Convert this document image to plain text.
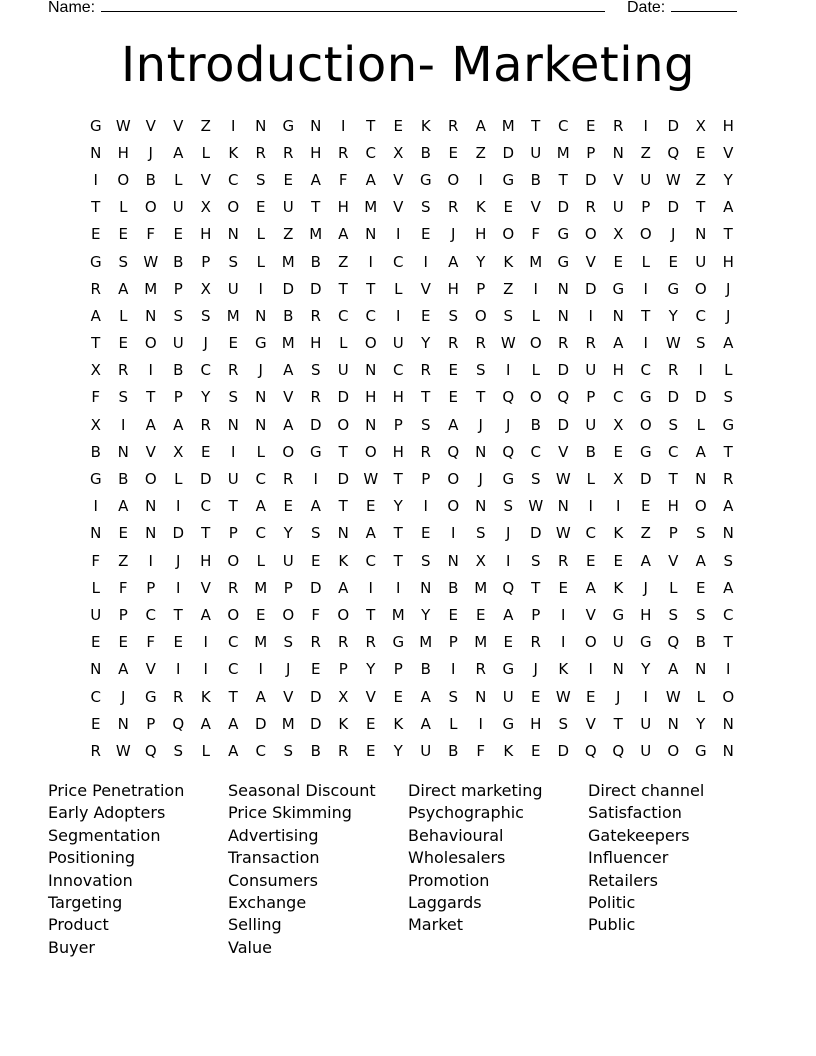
Name:	Date:
Introduction- Marketing
G W V	V	Z	I	N	G	N	I	T	E	K	R	A	M	T	C	E	R	I	D	X	H
N	H	J	A	L	K	R	R	H	R	C	X	B	E	Z	D	U	M	P	N	Z	Q	E	V
I	O	B	L	V	C	S	E	A	F	A	V	G	O	I	G	B	T	D	V	U W Z	Y
T	L	O	U	X	O	E	U	T	H	M	V	S	R	K	E	V	D	R	U	P	D	T	A
E	E	F	E	H	N	L	Z	M	A	N	I	E	J	H	O	F	G	O	X	O	J	N	T
G	S	W B	P	S	L	M	B	Z	I	C	I	A	Y	K	M	G	V	E	L	E	U	H
R	A	M	P	X	U	I	D	D	T	T	L	V	H	P	Z	I	N	D	G	I	G	O	J
A	L	N	S	S	M	N	B	R	C	C	I	E	S	O	S	L	N	I	N	T	Y	C	J
T	E	O	U	J	E	G	M	H	L	O	U	Y	R	R W O	R	R	A	I	W	S	A
X	R	I	B	C	R	J	A	S	U	N	C	R	E	S	I	L	D	U	H	C	R	I	L
F	S	T	P	Y	S	N	V	R	D	H	H	T	E	T	Q	O	Q	P	C	G	D	D	S
X	I	A	A	R	N	N	A	D	O	N	P	S	A	J	J	B	D	U	X	O	S	L	G
B	N	V	X	E	I	L	O	G	T	O	H	R	Q	N	Q	C	V	B	E	G	C	A	T
G	B	O	L	D	U	C	R	I	D W	T	P	O	J	G	S	W	L	X	D	T	N	R
I	A	N	I	C	T	A	E	A	T	E	Y	I	O	N	S	W N	I	I	E	H	O	A
N	E	N	D	T	P	C	Y	S	N	A	T	E	I	S	J	D W C	K	Z	P	S	N
F	Z	I	J	H	O	L	U	E	K	C	T	S	N	X	I	S	R	E	E	A	V	A	S
L	F	P	I	V	R	M	P	D	A	I	I	N	B	M	Q	T	E	A	K	J	L	E	A
U	P	C	T	A	O	E	O	F	O	T	M	Y	E	E	A	P	I	V	G	H	S	S	C
E	E	F	E	I	C	M	S	R	R	R	G	M	P	M	E	R	I	O	U	G	Q	B	T
N	A	V	I	I	C	I	J	E	P	Y	P	B	I	R	G	J	K	I	N	Y	A	N	I
C	J	G	R	K	T	A	V	D	X	V	E	A	S	N	U	E	W	E	J	I	W	L	O
E	N	P	Q	A	A	D	M	D	K	E	K	A	L	I	G	H	S	V	T	U	N	Y	N
R W Q	S	L	A	C	S	B	R	E	Y	U	B	F	K	E	D	Q	Q	U	O	G	N
Price Penetration
Early Adopters
Segmentation
Positioning
Innovation
Targeting
Product
Buyer
Seasonal Discount
Price Skimming
Advertising
Transaction
Consumers
Exchange
Selling
Value
Direct marketing
Psychographic
Behavioural
Wholesalers
Promotion
Laggards
Market
Direct channel
Satisfaction
Gatekeepers
Influencer
Retailers
Politic
Public
